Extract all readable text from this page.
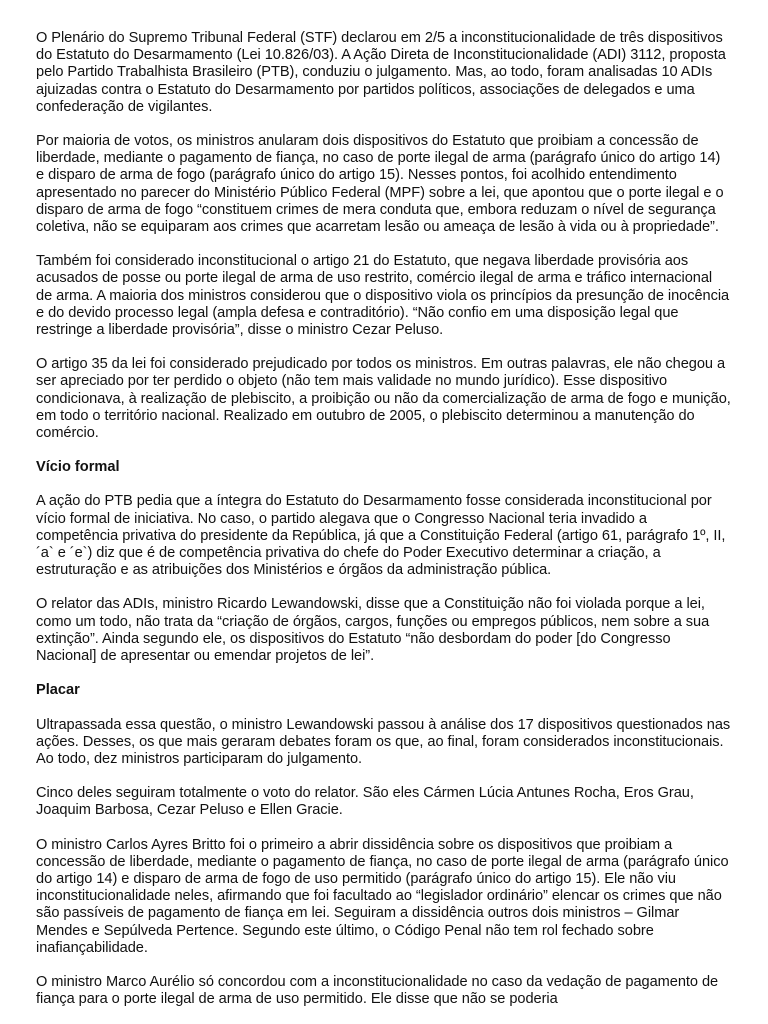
O Plenário do Supremo Tribunal Federal (STF) declarou em 2/5 a inconstitucionalidade de três dispositivos do Estatuto do Desarmamento (Lei 10.826/03). A Ação Direta de Inconstitucionalidade (ADI) 3112, proposta pelo Partido Trabalhista Brasileiro (PTB), conduziu o julgamento. Mas, ao todo, foram analisadas 10 ADIs ajuizadas contra o Estatuto do Desarmamento por partidos políticos, associações de delegados e uma confederação de vigilantes.

Por maioria de votos, os ministros anularam dois dispositivos do Estatuto que proibiam a concessão de liberdade, mediante o pagamento de fiança, no caso de porte ilegal de arma (parágrafo único do artigo 14) e disparo de arma de fogo (parágrafo único do artigo 15). Nesses pontos, foi acolhido entendimento apresentado no parecer do Ministério Público Federal (MPF) sobre a lei, que apontou que o porte ilegal e o disparo de arma de fogo “constituem crimes de mera conduta que, embora reduzam o nível de segurança coletiva, não se equiparam aos crimes que acarretam lesão ou ameaça de lesão à vida ou à propriedade”.

Também foi considerado inconstitucional o artigo 21 do Estatuto, que negava liberdade provisória aos acusados de posse ou porte ilegal de arma de uso restrito, comércio ilegal de arma e tráfico internacional de arma. A maioria dos ministros considerou que o dispositivo viola os princípios da presunção de inocência e do devido processo legal (ampla defesa e contraditório). “Não confio em uma disposição legal que restringe a liberdade provisória”, disse o ministro Cezar Peluso.

O artigo 35 da lei foi considerado prejudicado por todos os ministros. Em outras palavras, ele não chegou a ser apreciado por ter perdido o objeto (não tem mais validade no mundo jurídico). Esse dispositivo condicionava, à realização de plebiscito, a proibição ou não da comercialização de arma de fogo e munição, em todo o território nacional. Realizado em outubro de 2005, o plebiscito determinou a manutenção do comércio.

Vício formal

A ação do PTB pedia que a íntegra do Estatuto do Desarmamento fosse considerada inconstitucional por vício formal de iniciativa. No caso, o partido alegava que o Congresso Nacional teria invadido a competência privativa do presidente da República, já que a Constituição Federal (artigo 61, parágrafo 1º, II, ´a` e ´e`) diz que é de competência privativa do chefe do Poder Executivo determinar a criação, a estruturação e as atribuições dos Ministérios e órgãos da administração pública.

O relator das ADIs, ministro Ricardo Lewandowski, disse que a Constituição não foi violada porque a lei, como um todo, não trata da “criação de órgãos, cargos, funções ou empregos públicos, nem sobre a sua extinção”. Ainda segundo ele, os dispositivos do Estatuto “não desbordam do poder [do Congresso Nacional] de apresentar ou emendar projetos de lei”.

Placar

Ultrapassada essa questão, o ministro Lewandowski passou à análise dos 17 dispositivos questionados nas ações. Desses, os que mais geraram debates foram os que, ao final, foram considerados inconstitucionais. Ao todo, dez ministros participaram do julgamento.

Cinco deles seguiram totalmente o voto do relator. São eles Cármen Lúcia Antunes Rocha, Eros Grau, Joaquim Barbosa, Cezar Peluso e Ellen Gracie.

O ministro Carlos Ayres Britto foi o primeiro a abrir dissidência sobre os dispositivos que proibiam a concessão de liberdade, mediante o pagamento de fiança, no caso de porte ilegal de arma (parágrafo único do artigo 14) e disparo de arma de fogo de uso permitido (parágrafo único do artigo 15). Ele não viu inconstitucionalidade neles, afirmando que foi facultado ao “legislador ordinário” elencar os crimes que não são passíveis de pagamento de fiança em lei. Seguiram a dissidência outros dois ministros – Gilmar Mendes e Sepúlveda Pertence. Segundo este último, o Código Penal não tem rol fechado sobre inafiançabilidade.

O ministro Marco Aurélio só concordou com a inconstitucionalidade no caso da vedação de pagamento de fiança para o porte ilegal de arma de uso permitido. Ele disse que não se poderia
